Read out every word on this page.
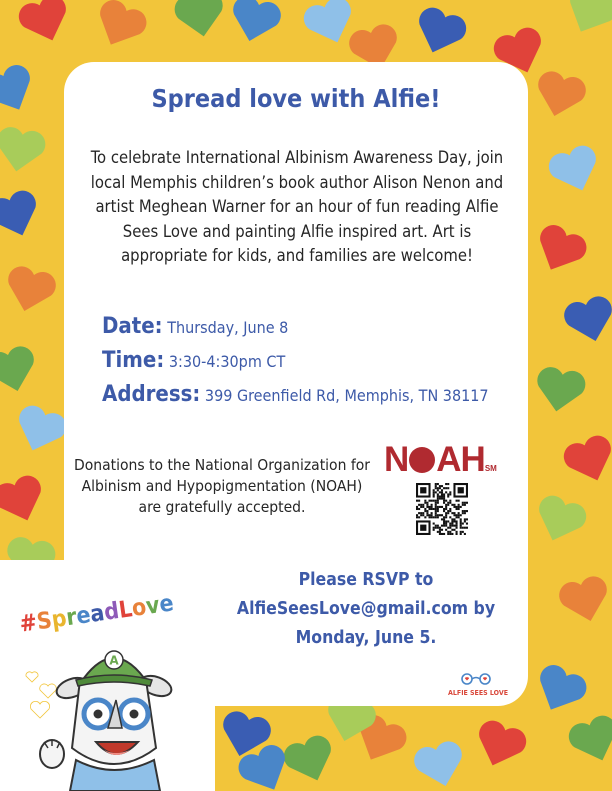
Spread love with Alfie!
To celebrate International Albinism Awareness Day, join local Memphis children’s book author Alison Nenon and artist Meghean Warner for an hour of fun reading Alfie Sees Love and painting Alfie inspired art. Art is appropriate for kids, and families are welcome!
Date: Thursday, June 8
Time: 3:30-4:30pm CT
Address: 399 Greenfield Rd, Memphis, TN 38117
Donations to the National Organization for Albinism and Hypopigmentation (NOAH) are gratefully accepted.
N AHSM
Please RSVP to
AlfieSeesLove@gmail.com by
Monday, June 5.
ALFIE SEES LOVE
#SpreadLove
A
